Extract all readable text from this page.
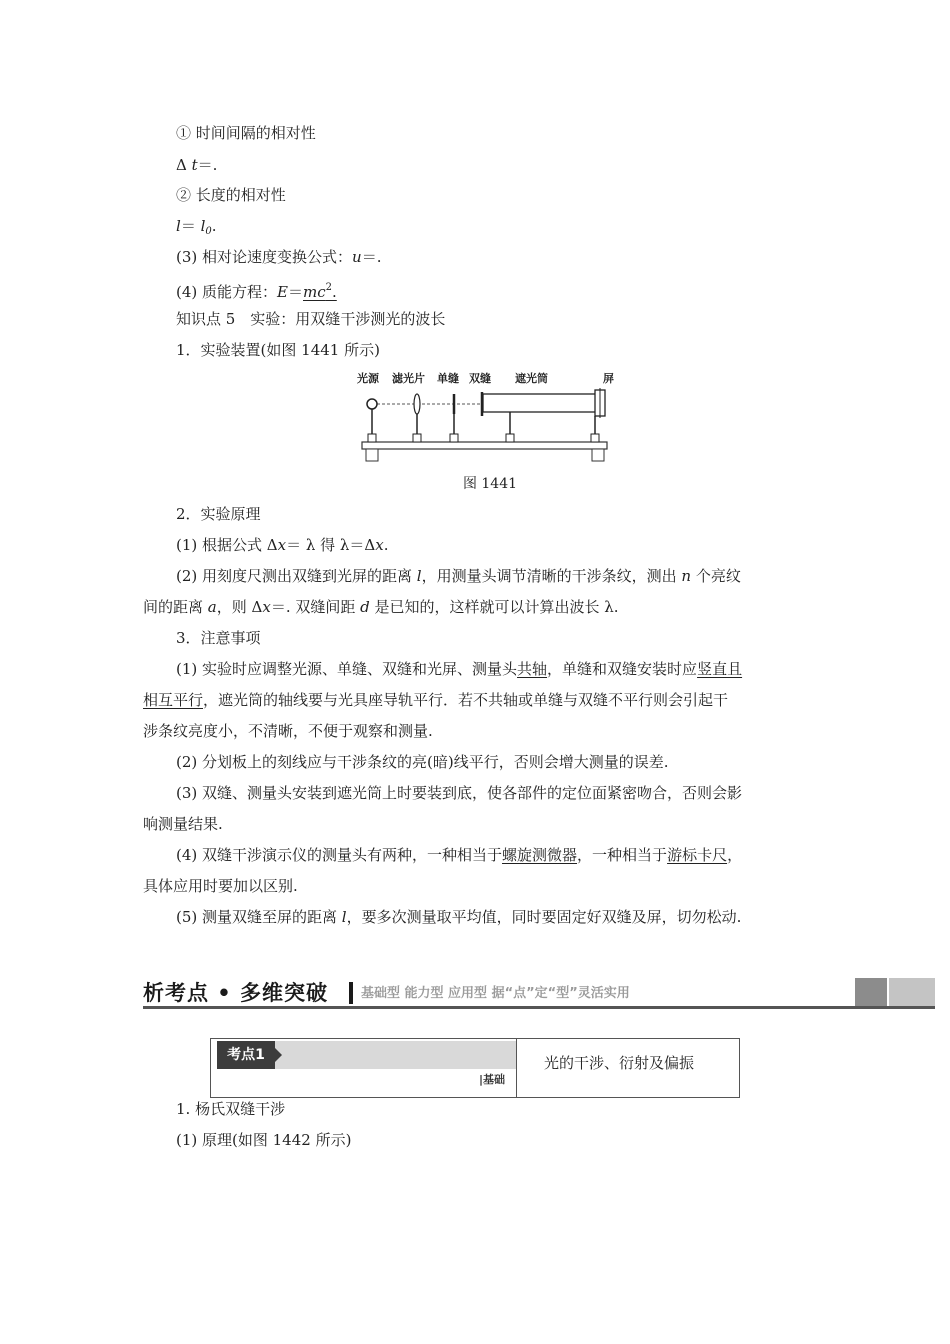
① 时间间隔的相对性
Δ t＝.
② 长度的相对性
$l= l_0$.
(3) 相对论速度变换公式：u＝.
(4) 质能方程：$E=mc^2$.
知识点 5　实验：用双缝干涉测光的波长
1．实验装置(如图 1441 所示)
光源 滤光片 单缝 双缝 遮光筒	屏
图 1441
2．实验原理
(1) 根据公式 Δx＝ λ 得 λ＝Δx.
(2) 用刻度尺测出双缝到光屏的距离 l，用测量头调节清晰的干涉条纹，测出 n 个亮纹
间的距离 a，则 Δx＝. 双缝间距 d 是已知的，这样就可以计算出波长 λ.
3．注意事项
(1) 实验时应调整光源、单缝、双缝和光屏、测量头共轴，单缝和双缝安装时应竖直且
相互平行，遮光筒的轴线要与光具座导轨平行．若不共轴或单缝与双缝不平行则会引起干
涉条纹亮度小，不清晰，不便于观察和测量.
(2) 分划板上的刻线应与干涉条纹的亮(暗)线平行，否则会增大测量的误差.
(3) 双缝、测量头安装到遮光筒上时要装到底，使各部件的定位面紧密吻合，否则会影
响测量结果.
(4) 双缝干涉演示仪的测量头有两种，一种相当于螺旋测微器，一种相当于游标卡尺，
具体应用时要加以区别.
(5) 测量双缝至屏的距离 l，要多次测量取平均值，同时要固定好双缝及屏，切勿松动.
析考点 • 多维突破	基础型 能力型 应用型 据“点”定“型”灵活实用
考点1
|基础
光的干涉、衍射及偏振
1. 杨氏双缝干涉
(1) 原理(如图 1442 所示)
